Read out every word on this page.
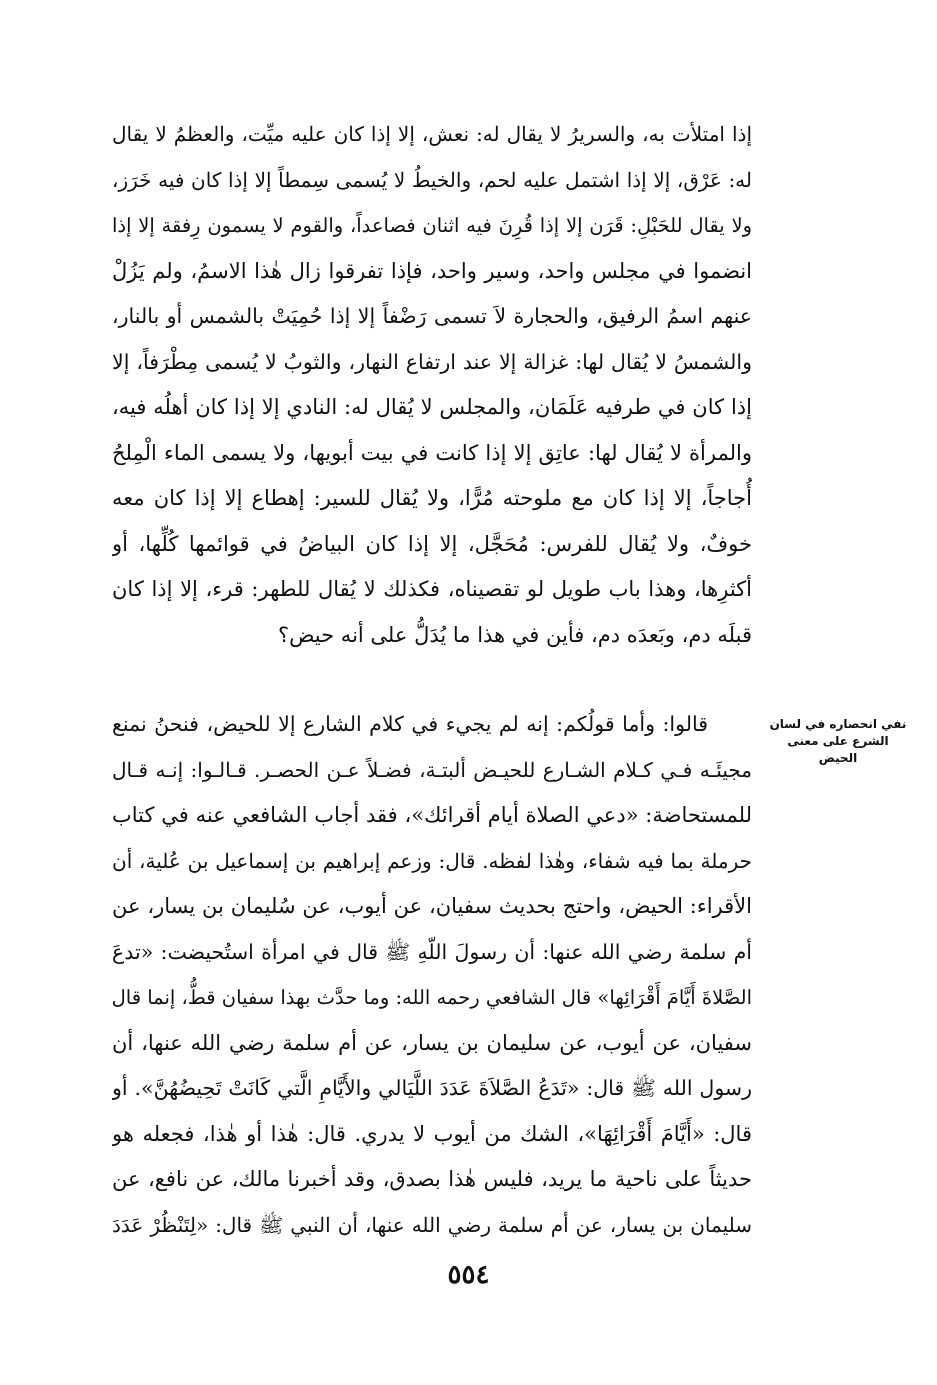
إذا امتلأت به، والسريرُ لا يقال له: نعش، إلا إذا كان عليه ميِّت، والعظمُ لا يقال
له: عَرْق، إلا إذا اشتمل عليه لحم، والخيطُ لا يُسمى سِمطاً إلا إذا كان فيه خَرَز،
ولا يقال للحَبْلِ: قَرَن إلا إذا قُرِنَ فيه اثنان فصاعداً، والقوم لا يسمون رِفقة إلا إذا
انضموا في مجلس واحد، وسير واحد، فإذا تفرقوا زال هٰذا الاسمُ، ولم يَزُلْ
عنهم اسمُ الرفيق، والحجارة لاَ تسمى رَضْفاً إلا إذا حُمِيَتْ بالشمس أو بالنار،
والشمسُ لا يُقال لها: غزالة إلا عند ارتفاع النهار، والثوبُ لا يُسمى مِطْرَفاً، إلا
إذا كان في طرفيه عَلَمَان، والمجلس لا يُقال له: النادي إلا إذا كان أهلُه فيه،
والمرأة لا يُقال لها: عاتِق إلا إذا كانت في بيت أبويها، ولا يسمى الماء الْمِلحُ
أُجاجاً، إلا إذا كان مع ملوحته مُرًّا، ولا يُقال للسير: إهطاع إلا إذا كان معه
خوفٌ، ولا يُقال للفرس: مُحَجَّل، إلا إذا كان البياضُ في قوائمها كُلِّها، أو
أكثرِها، وهذا باب طويل لو تقصيناه، فكذلك لا يُقال للطهر: قرء، إلا إذا كان
قبلَه دم، وبَعدَه دم، فأين في هذا ما يُدَلُّ على أنه حيض؟
نفي انحصاره في لسان
الشرع على معنى
الحيض
قالوا: وأما قولُكم: إنه لم يجيء في كلام الشارع إلا للحيض، فنحنُ نمنع
مجيئَـه فـي كـلام الشـارع للحيـض ألبتـة، فضـلاً عـن الحصـر. قـالـوا: إنـه قـال
للمستحاضة: «دعي الصلاة أيام أقرائك»، فقد أجاب الشافعي عنه في كتاب
حرملة بما فيه شفاء، وهٰذا لفظه. قال: وزعم إبراهيم بن إسماعيل بن عُلية، أن
الأقراء: الحيض، واحتج بحديث سفيان، عن أيوب، عن سُليمان بن يسار، عن
أم سلمة رضي الله عنها: أن رسولَ اللّهِ ﷺ قال في امرأة استُحيضت: «تدعَ
الصَّلاةَ أَيَّامَ أَقْرَائِها» قال الشافعي رحمه الله: وما حدَّث بهذا سفيان قطُّ، إنما قال
سفيان، عن أيوب، عن سليمان بن يسار، عن أم سلمة رضي الله عنها، أن
رسول الله ﷺ قال: «تَدَعُ الصَّلاَةَ عَدَدَ اللَّيَالي والأَيَّامِ الَّتي كَانَتْ تَحِيضُهُنَّ». أو
قال: «أَيَّامَ أَقْرَائِهَا»، الشك من أيوب لا يدري. قال: هٰذا أو هٰذا، فجعله هو
حديثاً على ناحية ما يريد، فليس هٰذا بصدق، وقد أخبرنا مالك، عن نافع، عن
سليمان بن يسار، عن أم سلمة رضي الله عنها، أن النبي ﷺ قال: «لِتَنْظُرْ عَدَدَ
٥٥٤
